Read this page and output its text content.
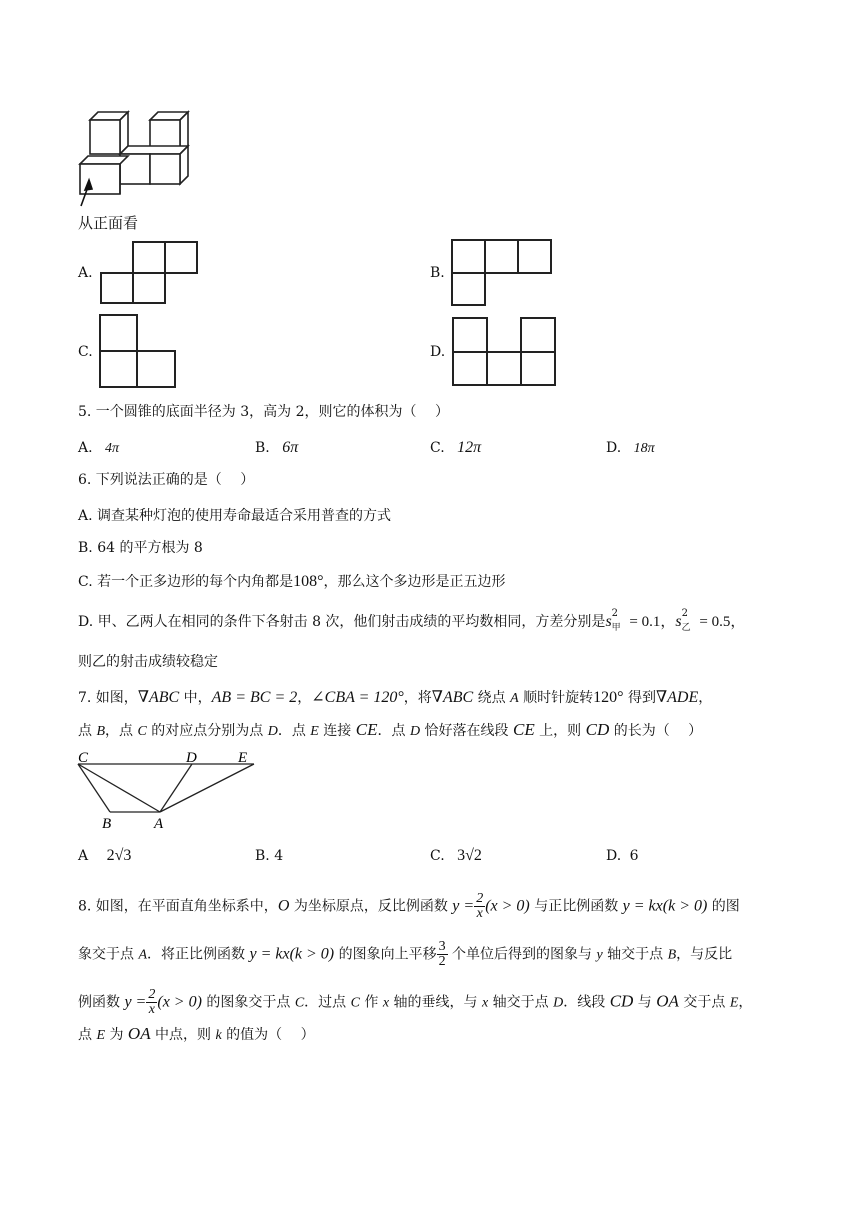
从正面看
A.	B.
C.	D.
5. 一个圆锥的底面半径为 3，高为 2，则它的体积为（　 ）
A. 4π	B. 6π	C. 12π	D. 18π
6. 下列说法正确的是（　 ）
A. 调查某种灯泡的使用寿命最适合采用普查的方式
B. 64 的平方根为 8
C. 若一个正多边形的每个内角都是108°，那么这个多边形是正五边形
D. 甲、乙两人在相同的条件下各射击 8 次，他们射击成绩的平均数相同，方差分别是s 2
甲 = 0.1，s 2
乙 = 0.5，
则乙的射击成绩较稳定
7. 如图，∇ABC 中，AB = BC = 2，∠CBA = 120°，将∇ABC 绕点 A 顺时针旋转120° 得到∇ADE，
点 B，点 C 的对应点分别为点 D．点 E 连接 CE．点 D 恰好落在线段 CE 上，则 CD 的长为（　 ）
C	D	E
B	A
A 2√3	B. 4	C. 3√2	D. 6
8. 如图，在平面直角坐标系中，O 为坐标原点，反比例函数 $y = \frac{2}{x} (x > 0)$ 与正比例函数 y = kx(k > 0) 的图
象交于点 A．将正比例函数 y = kx(k > 0) 的图象向上平移 $\frac{3}{2}$ 个单位后得到的图象与 y 轴交于点 B，与反比
例函数 $y = \frac{2}{x} (x > 0)$ 的图象交于点 C．过点 C 作 x 轴的垂线，与 x 轴交于点 D．线段 CD 与 OA 交于点 E，
点 E 为 OA 中点，则 k 的值为（　 ）
